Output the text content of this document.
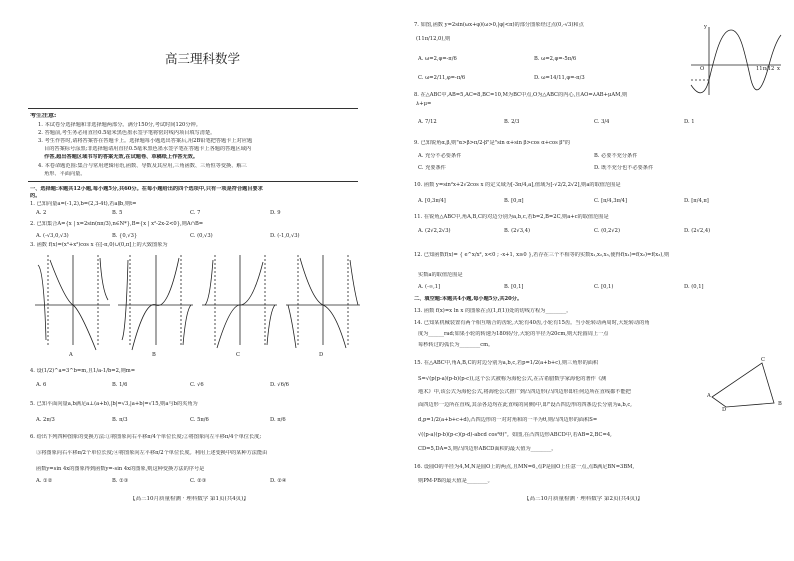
高三理科数学
考生注意:
1. 本试卷分选择题和非选择题两部分。满分150分,考试时间120分钟。
2. 答题前,考生务必用直径0.5毫米黑色墨水签字笔将密封线内项目填写清楚。
3. 考生作答时,请将答案答在答题卡上。选择题每小题选出答案后,用2B铅笔把答题卡上对应题
目的答案标号涂黑;非选择题请用直径0.5毫米黑色墨水签字笔在答题卡上各题的答题区域内
作答,超出答题区域书写的答案无效,在试题卷、草稿纸上作答无效。
4. 本卷命题范围:集合与常用逻辑用语,函数、导数及其应用,三角函数、三角恒等变换、解三
角形、平面向量。
一、选择题:本题共12小题,每小题5分,共60分。在每小题给出的四个选项中,只有一项是符合题目要求
的。
1. 已知向量a=(-1,2),b=(2,3-4t),若a∥b,则t=
A. 2	B. 5	C. 7	D. 9
2. 已知集合A={x | x=2sin(nπ/3),n∈N*},B={x | x²-2x-2<0},则A∩B=
A. (-√3,0,√3)	B. {0,√3}	C. (0,√3)	D. (-1,0,√3)
3. 函数 f(x)=(x³+x²)cos x 在[-π,0)∪(0,π]上的大致图象为
A	B	C	D
4. 设(1/2)^a=3^b=m,且1/a-1/b=2,则m=
A. 6	B. 1/6	C. √6	D. √6/6
5. 已知平面向量a,b满足a⊥(a+b),|b|=√3,|a+b|=√15,则a与b的夹角为
A. 2π/3	B. π/3	C. 5π/6	D. π/6
6. 给出下列四种图象的变换方法:①将图象向右平移π/4个单位长度;②将图象向左平移π/4个单位长度;
③将图象向右平移π/2个单位长度;④将图象向左平移π/2个单位长度。利用上述变换中的某种方法能由
函数y=sin 4x的图象得到函数y=-sin 4x的图象,则这种变换方法的序号是
A. ①②	B. ①③	C. ②③	D. ②④
【高三10月质量检测 · 理科数学 第1页(共4页)】
7. 如图,函数 y=2sin(ωx+φ)(ω>0,|φ|<π)的部分图象经过点(0,-√3)和点
(11π/12,0),则
A. ω=2,φ=-π/6	B. ω=2,φ=-5π/6
C. ω=2/11,φ=-π/6	D. ω=14/11,φ=-π/3
y
O	x
11π/12
8. 在△ABC中,AB=5,AC=8,BC=10,M为BC中点,O为△ABC的内心,且AO=λAB+μAM,则
λ+μ=
A. 7/12	B. 2/3	C. 3/4	D. 1
9. 已知锐角α,β,则"α>β>π/2-β"是"sin α+sin β>cos α+cos β"的
A. 充分不必要条件	B. 必要不充分条件
C. 充要条件	D. 既不充分也不必要条件
10. 函数 y=sin²x+2√2cos x 的定义域为[-3π/4,a],值域为[-√2/2,2√2],则a的取值范围是
A. [0,3π/4]	B. [0,π]	C. [π/4,3π/4]	D. [π/4,π]
11. 在锐角△ABC中,角A,B,C的对边分别为a,b,c,若b=2,B=2C,则a+c的取值范围是
A. (2√2,2√3)	B. (2√3,4)	C. (0,2√2)	D. (2√2,4)
12. 已知函数f(x)= { e^x/x², x<0 ; -x+1, x≥0 },若存在三个不相等的实数x₁,x₂,x₃,使得f(x₁)=f(x₂)=f(x₃),则
实数a的取值范围是
A. (-∞,1]	B. [0,1]	C. [0,1)	D. (0,1]
二、填空题:本题共4小题,每小题5分,共20分。
13. 函数 f(x)=x ln x 的图象在点(1,f(1))处的切线方程为________。
14. 已知某机械装置有两个相互啮合的齿轮,大轮有40齿,小轮有15齿。当小轮转动两周时,大轮转动的角
度为______rad;如果小轮的转速为180转/分,大轮的半径为20cm,则大轮圆周上一点
每秒转过的弧长为________cm。
15. 在△ABC中,角A,B,C的对边分别为a,b,c,若p=1/2(a+b+c),则三角形的面积
S=√(p(p-a)(p-b)(p-c)),这个公式被称为海伦公式,在古希腊数学家海伦的著作《测
地术》中,该公式为海伦公式,将海伦公式推广到凸四边形(凸四边形即任何边所在直线都不能把
面四边形一边所在直线,其余各边均在此直线的同侧)中,即"设凸四边形的四条边长分别为a,b,c,
d,p=1/2(a+b+c+d),凸四边形的一对对角和的一半为θ,则凸四边形的面积S=
√((p-a)(p-b)(p-c)(p-d)-abcd cos²θ)"。如图,在凸四边形ABCD中,若AB=2,BC=4,
CD=5,DA=3,则凸四边形ABCD面积的最大值为________。
A
B
C
D
16. 设圆O的半径为4,M,N是圆O上的两点,且MN=6,点P是圆O上任意一点,点B满足BN=3BM,
则PM·PB的最大值是________。
【高三10月质量检测 · 理科数学 第2页(共4页)】
